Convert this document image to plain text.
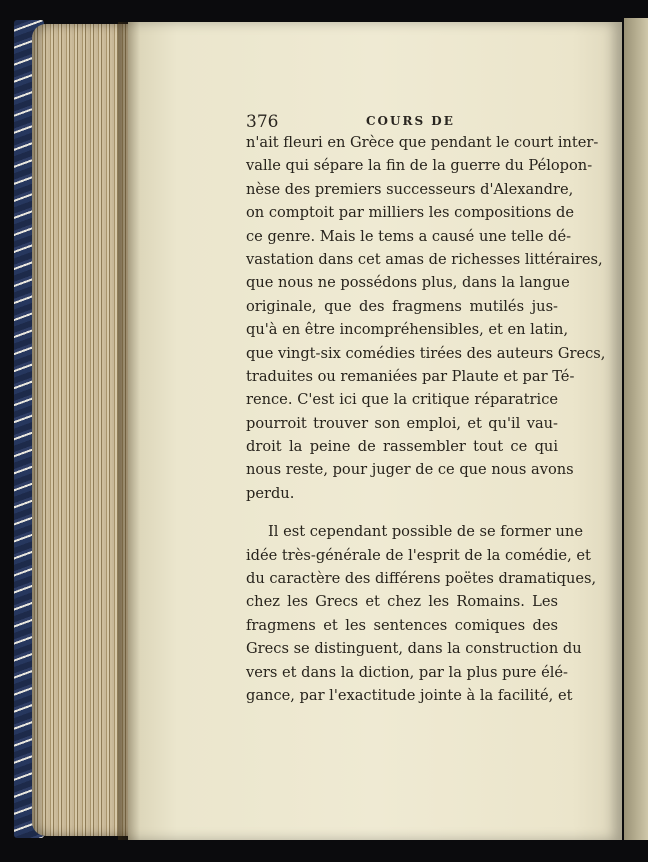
376	COURS DE
n'ait fleuri en Grèce que pendant le court inter-
valle qui sépare la fin de la guerre du Pélopon-
nèse des premiers successeurs d'Alexandre,
on comptoit par milliers les compositions de
ce genre. Mais le tems a causé une telle dé-
vastation dans cet amas de richesses littéraires,
que nous ne possédons plus, dans la langue
originale, que des fragmens mutilés jus-
qu'à en être incompréhensibles, et en latin,
que vingt-six comédies tirées des auteurs Grecs,
traduites ou remaniées par Plaute et par Té-
rence. C'est ici que la critique réparatrice
pourroit trouver son emploi, et qu'il vau-
droit la peine de rassembler tout ce qui
nous reste, pour juger de ce que nous avons
perdu.
Il est cependant possible de se former une
idée très-générale de l'esprit de la comédie, et
du caractère des différens poëtes dramatiques,
chez les Grecs et chez les Romains. Les
fragmens et les sentences comiques des
Grecs se distinguent, dans la construction du
vers et dans la diction, par la plus pure élé-
gance, par l'exactitude jointe à la facilité, et
